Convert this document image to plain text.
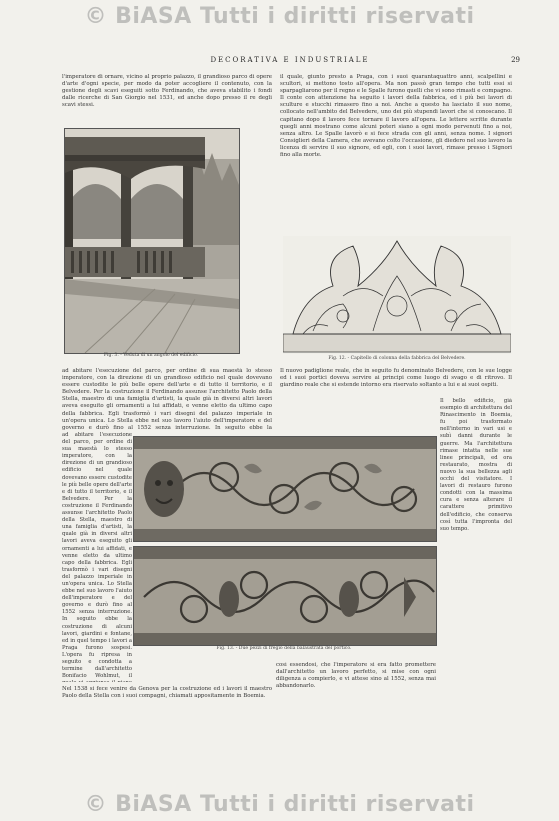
© BiASA Tutti i diritti riservati
DECORATIVA E INDUSTRIALE	29
l'imperatore di ornare, vicino al proprio palazzo, il grandioso parco di opere d'arte d'ogni specie, per modo da poter accogliere il contenuto, con la gestione degli scavi eseguiti sotto Ferdinando, che aveva stabilito i fondi dalle ricerche di San Giorgio nel 1531, ed anche dopo presso il re degli scavi stessi.
il quale, giunto presto a Praga, con i suoi quarantaquattro anni, scalpellini e scultori, si mettono tosto all'opera. Ma non passò gran tempo che tutti essi si sparpagliarono per il regno e le Spalle furono quelli che vi sono rimasti e compagno. Il conte con attenzione ha seguito i lavori della fabbrica, ed i più bei lavori di sculture e stucchi rimasero fino a noi. Anche a questo ha lasciato il suo nome, collocato nell'ambito del Belvedere, uno dei più stupendi lavori che si conoscano. Il capitano dopo il lavoro fece tornare il lavoro all'opera. Le lettere scritte durante quegli anni mostrano come alcuni poteri siano a ogni modo pervenuti fino a noi, senza altro. Le Spalle lavorò e si fece strada con gli anni, senza nome. I signori Consiglieri della Camera, che avevano colto l'occasione, gli diedero nel suo lavoro la licenza di servire il suo signore, ed egli, con i suoi lavori, rimase presso i Signori fino alla morte.
Fig. 3. - Veduta di un angolo del edificio.
Fig. 12. - Capitello di colonna della fabbrica del Belvedere.
ad abitare l'esecuzione del parco, per ordine di sua maestà lo stesso imperatore, con la direzione di un grandioso edificio nel quale dovevano essere custodite le più belle opere dell'arte e di tutto il territorio, e il Belvedere. Per la costruzione il Ferdinando assunse l'architetto Paolo della Stella, maestro di una famiglia d'artisti, la quale già in diversi altri lavori aveva eseguito gli ornamenti a lui affidati, e venne eletto da ultimo capo della fabbrica. Egli trasformò i vari disegni del palazzo imperiale in un'opera unica. Lo Stella ebbe nel suo lavoro l'aiuto dell'imperatore e del governo e durò fino al 1552 senza interruzione. In seguito ebbe la
Il nuovo padiglione reale, che in seguito fu denominato Belvedere, con le sue logge ed i suoi portici doveva servire ai principi come luogo di svago e di ritrovo. Il giardino reale che si estende intorno era riservato soltanto a lui e ai suoi ospiti.
ad abitare l'esecuzione del parco, per ordine di sua maestà lo stesso imperatore, con la direzione di un grandioso edificio nel quale dovevano essere custodite le più belle opere dell'arte e di tutto il territorio, e il Belvedere. Per la costruzione il Ferdinando assunse l'architetto Paolo della Stella, maestro di una famiglia d'artisti, la quale già in diversi altri lavori aveva eseguito gli ornamenti a lui affidati, e venne eletto da ultimo capo della fabbrica. Egli trasformò i vari disegni del palazzo imperiale in un'opera unica. Lo Stella ebbe nel suo lavoro l'aiuto dell'imperatore e del governo e durò fino al 1552 senza interruzione. In seguito ebbe la costruzione di alcuni lavori, giardini e fontane, ed in quel tempo i lavori a Praga furono sospesi. L'opera fu ripresa in seguito e condotta a termine dall'architetto Bonifacio Wohlmut, il
Fig. 13. - Due pezzi di fregio della balaustrata del portico.
Il bello edificio, già esempio di architettura del Rinascimento in Boemia, fu poi trasformato nell'interno in vari usi e subì danni durante le guerre. Ma l'architettura rimase intatta nelle sue linee principali, ed ora restaurato, mostra di nuovo la sua bellezza agli occhi del visitatore. I lavori di restauro furono condotti con la massima cura e senza alterare il carattere primitivo dell'edificio, che conserva così tutta l'impronta del suo tempo.
Nel 1538 si fece venire da Genova per la costruzione ed i lavori il maestro Paolo della Stella con i suoi compagni, chiamati appositamente in Boemia.
così essendosi, che l'imperatore si era fatto promettere dall'architetto un lavoro perfetto, si mise con ogni diligenza a compierlo, e vi attese sino al 1552, senza mai abbandonarlo.
© BiASA Tutti i diritti riservati
